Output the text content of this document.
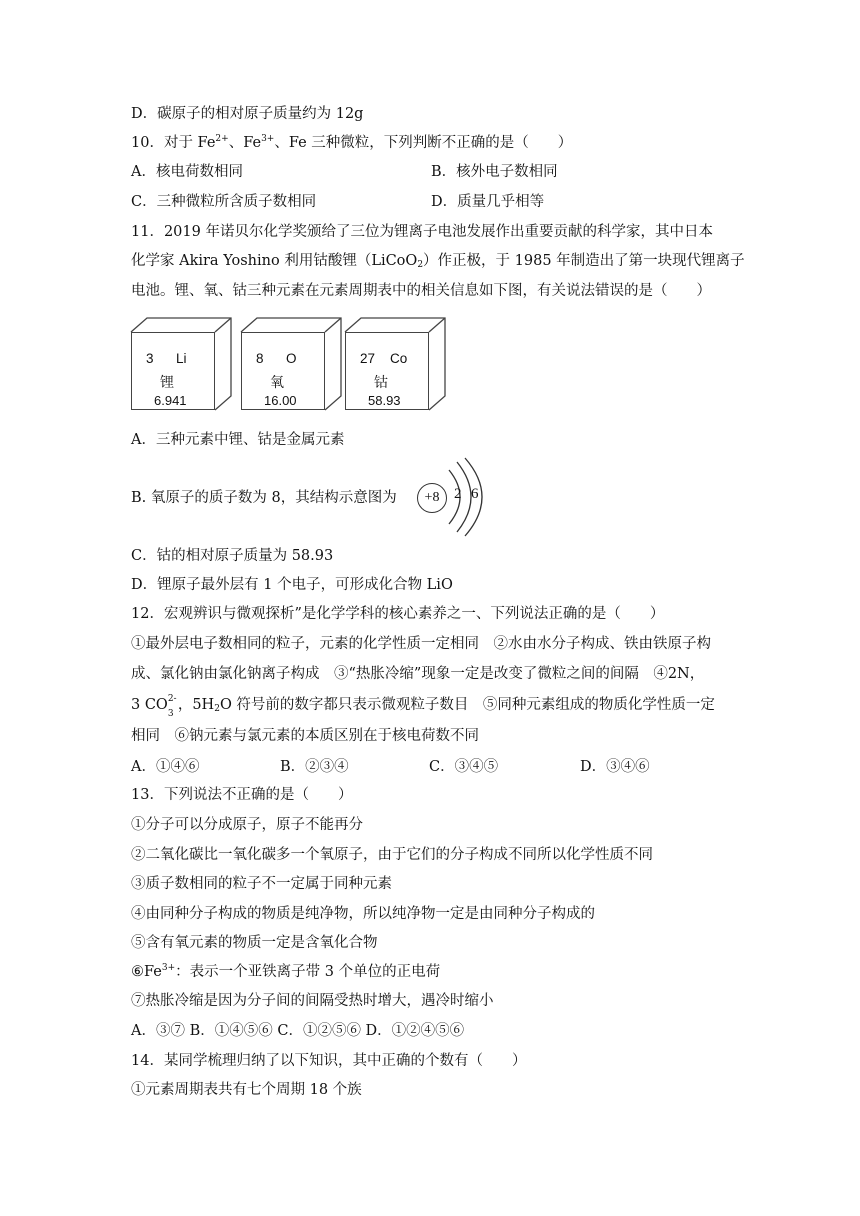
D．碳原子的相对原子质量约为 12g
10．对于 $Fe^{2+}$、$Fe^{3+}$、Fe 三种微粒，下列判断不正确的是（　　）
A．核电荷数相同	B．核外电子数相同
C．三种微粒所含质子数相同	D．质量几乎相等
11．2019 年诺贝尔化学奖颁给了三位为锂离子电池发展作出重要贡献的科学家，其中日本
化学家 Akira Yoshino 利用钴酸锂（LiCoO$_2$）作正极，于 1985 年制造出了第一块现代锂离子
电池。锂、氧、钴三种元素在元素周期表中的相关信息如下图，有关说法错误的是（　　）
3 Li
锂
6.941
8 O
氧
16.00
27 Co
钴
58.93
A．三种元素中锂、钴是金属元素
B. 氧原子的质子数为 8，其结构示意图为	+8 2 6
C．钴的相对原子质量为 58.93
D．锂原子最外层有 1 个电子，可形成化合物 LiO
12．宏观辨识与微观探析”是化学学科的核心素养之一、下列说法正确的是（　　）
①最外层电子数相同的粒子，元素的化学性质一定相同　②水由水分子构成、铁由铁原子构
成、氯化钠由氯化钠离子构成　③“热胀冷缩”现象一定是改变了微粒之间的间隔　④2N，
3 CO 2-
3
，$5H_2O$ 符号前的数字都只表示微观粒子数目　⑤同种元素组成的物质化学性质一定
相同　⑥钠元素与氯元素的本质区别在于核电荷数不同
A．①④⑥	B．②③④	C．③④⑤	D．③④⑥
13．下列说法不正确的是（　　）
①分子可以分成原子，原子不能再分
②二氧化碳比一氧化碳多一个氧原子，由于它们的分子构成不同所以化学性质不同
③质子数相同的粒子不一定属于同种元素
④由同种分子构成的物质是纯净物，所以纯净物一定是由同种分子构成的
⑤含有氧元素的物质一定是含氧化合物
$⑥Fe^{3+}$：表示一个亚铁离子带 3 个单位的正电荷
⑦热胀冷缩是因为分子间的间隔受热时增大，遇冷时缩小
A．③⑦ B．①④⑤⑥ C．①②⑤⑥ D．①②④⑤⑥
14．某同学梳理归纳了以下知识，其中正确的个数有（　　）
①元素周期表共有七个周期 18 个族
